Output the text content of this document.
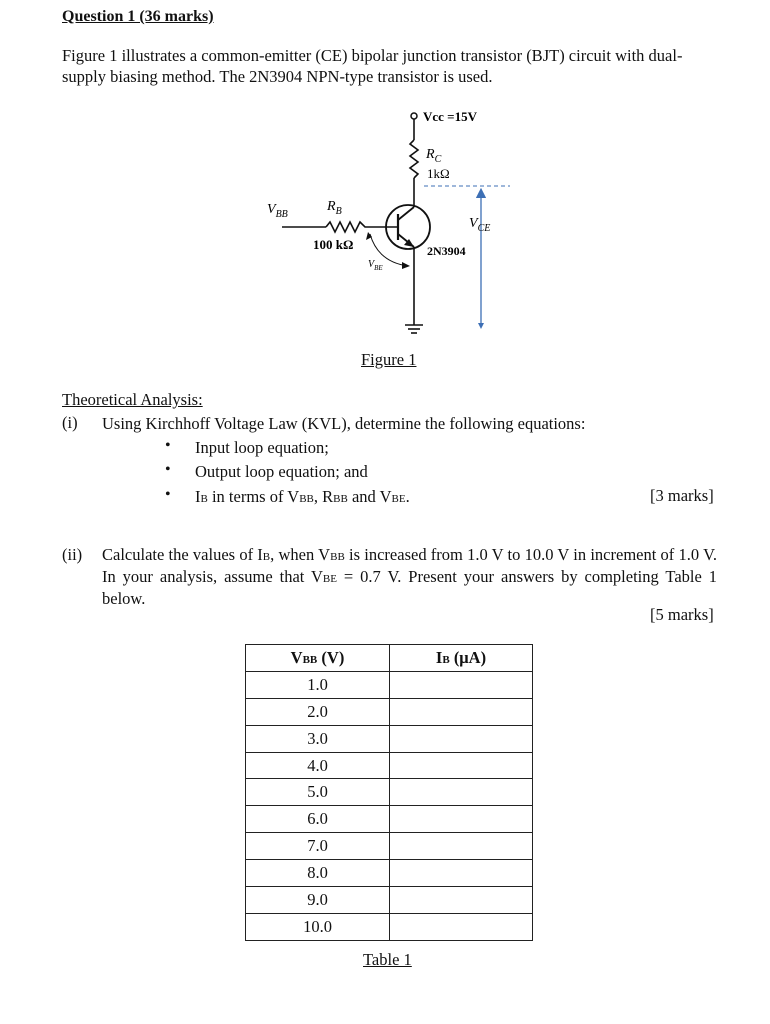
Question 1 (36 marks)
Figure 1 illustrates a common-emitter (CE) bipolar junction transistor (BJT) circuit with dual-supply biasing method. The 2N3904 NPN-type transistor is used.
Vcc =15V
$R_C$
1kΩ
$V_{BB}$
$R_B$
100 kΩ
$V_{BE}$
2N3904
$V_{CE}$
Figure 1
Theoretical Analysis:
(i) Using Kirchhoff Voltage Law (KVL), determine the following equations:
• Input loop equation;
• Output loop equation; and
• IB in terms of VBB, RBB and VBE.	[3 marks]
(ii) Calculate the values of IB, when VBB is increased from 1.0 V to 10.0 V in increment of 1.0 V. In your analysis, assume that VBE = 0.7 V. Present your answers by completing Table 1 below.
[5 marks]
VBB (V)	IB (μA)
1.0	
2.0	
3.0	
4.0	
5.0	
6.0	
7.0	
8.0	
9.0	
10.0	
Table 1
